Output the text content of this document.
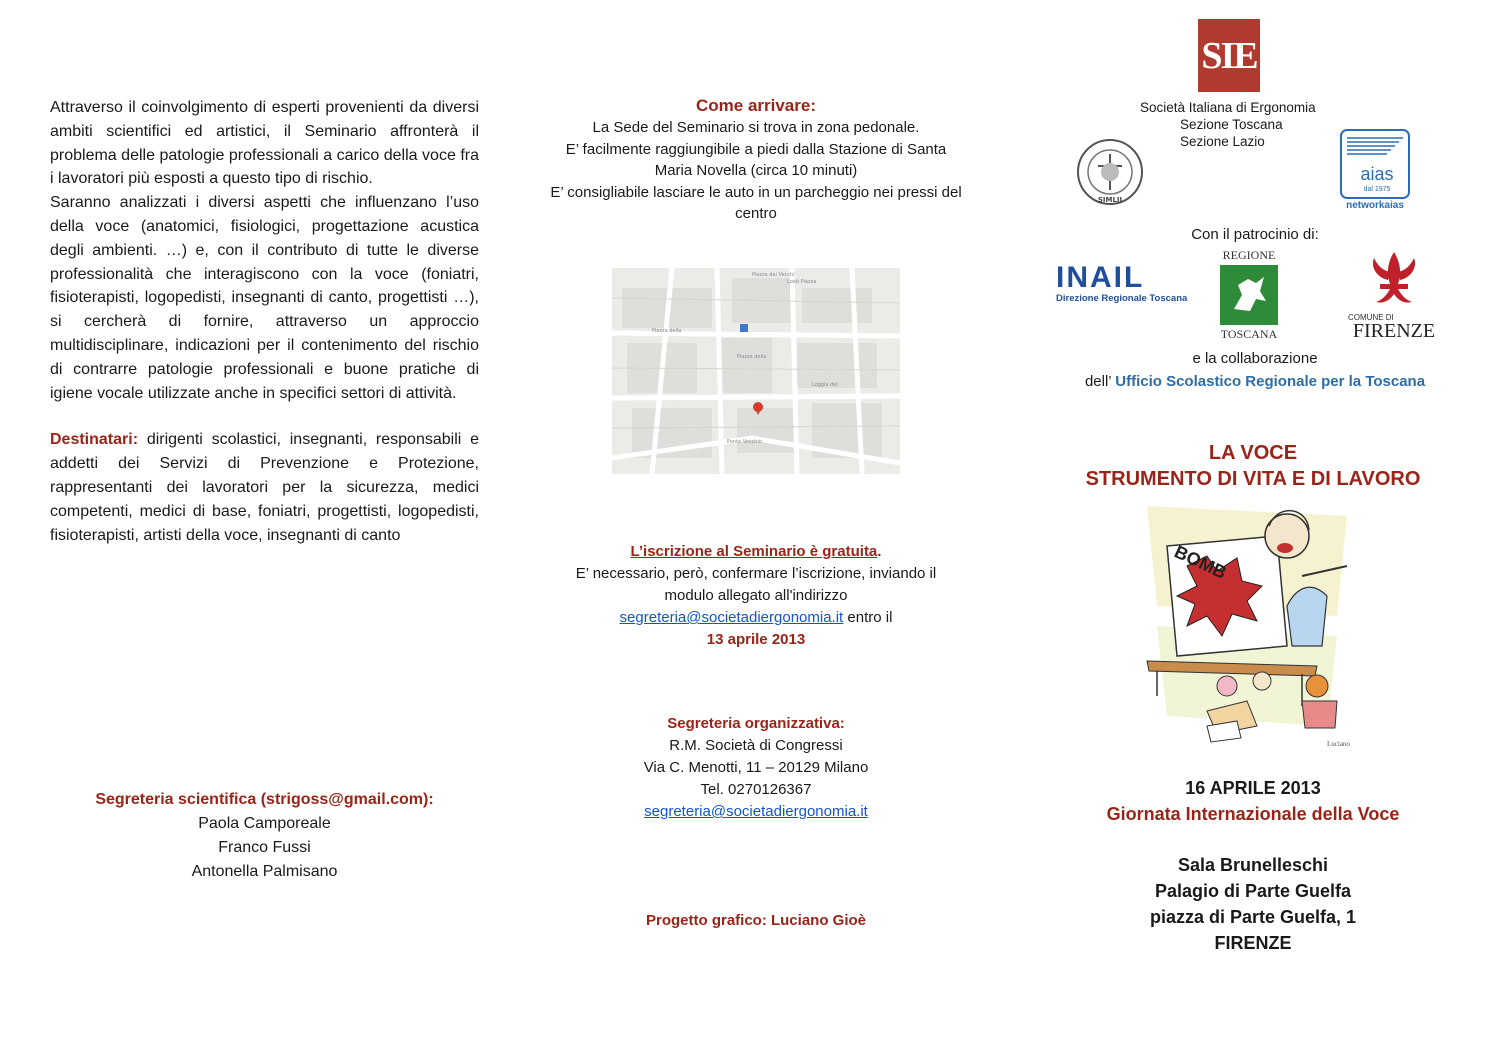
Attraverso il coinvolgimento di esperti provenienti da diversi ambiti scientifici ed artistici, il Seminario affronterà il problema delle patologie professionali a carico della voce fra i lavoratori più esposti a questo tipo di rischio.

Saranno analizzati i diversi aspetti che influenzano l’uso della voce (anatomici, fisiologici, progettazione acustica degli ambienti. …) e, con il contributo di tutte le diverse professionalità che interagiscono con la voce (foniatri, fisioterapisti, logopedisti, insegnanti di canto, progettisti …), si cercherà di fornire, attraverso un approccio multidisciplinare, indicazioni per il contenimento del rischio di contrarre patologie professionali e buone pratiche di igiene vocale utilizzate anche in specifici settori di attività.

Destinatari: dirigenti scolastici, insegnanti, responsabili e addetti dei Servizi di Prevenzione e Protezione, rappresentanti dei lavoratori per la sicurezza, medici competenti, medici di base, foniatri, progettisti, logopedisti, fisioterapisti, artisti della voce, insegnanti di canto

Segreteria scientifica (strigoss@gmail.com):
Paola Camporeale
Franco Fussi
Antonella Palmisano
Come arrivare:
La Sede del Seminario si trova in zona pedonale.
E’ facilmente raggiungibile a piedi dalla Stazione di Santa Maria Novella (circa 10 minuti)
E’ consigliabile lasciare le auto in un parcheggio nei pressi del centro
Piazza dei Vecchi
Loeb Piazza
Piazza della
Piazza della
Loggia del
Ponte Vecchio
L’iscrizione al Seminario è gratuita.
E’ necessario, però, confermare l’iscrizione, inviando il modulo allegato all'indirizzo
segreteria@societadiergonomia.it entro il
13 aprile 2013
Segreteria organizzativa:
R.M. Società di Congressi
Via C. Menotti, 11 – 20129 Milano
Tel. 0270126367
segreteria@societadiergonomia.it
Progetto grafico: Luciano Gioè
SIE
Società Italiana di Ergonomia
Sezione Toscana
Sezione Lazio
SIMLII
aias
dal 1975
networkaias
Con il patrocinio di:
INAIL
Direzione Regionale Toscana
REGIONE
TOSCANA
COMUNE DI
FIRENZE
e la collaborazione
dell’ Ufficio Scolastico Regionale per la Toscana
LA VOCE
STRUMENTO DI VITA E DI LAVORO
BOMB
Luciano
16 APRILE 2013
Giornata Internazionale della Voce
Sala Brunelleschi
Palagio di Parte Guelfa
piazza di Parte Guelfa, 1
FIRENZE
